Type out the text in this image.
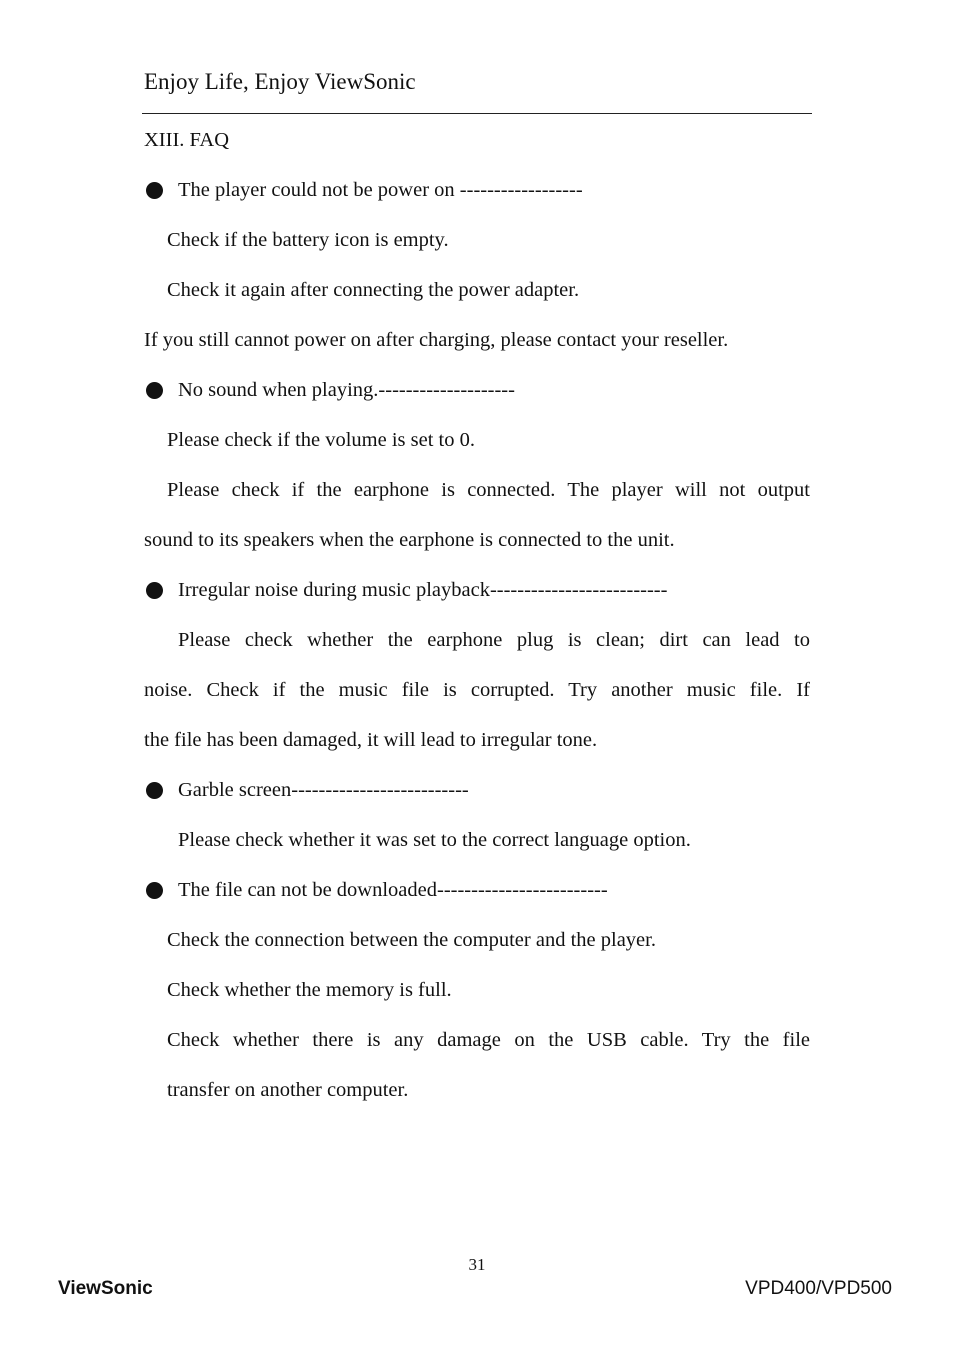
Enjoy Life, Enjoy ViewSonic
XIII. FAQ
The player could not be power on ------------------
Check if the battery icon is empty.
Check it again after connecting the power adapter.
If you still cannot power on after charging, please contact your reseller.
No sound when playing.--------------------
Please check if the volume is set to 0.
Please check if the earphone is connected. The player will not output
sound to its speakers when the earphone is connected to the unit.
Irregular noise during music playback--------------------------
Please check whether the earphone plug is clean; dirt can lead to
noise. Check if the music file is corrupted. Try another music file. If
the file has been damaged, it will lead to irregular tone.
Garble screen--------------------------
Please check whether it was set to the correct language option.
The file can not be downloaded-------------------------
Check the connection between the computer and the player.
Check whether the memory is full.
Check whether there is any damage on the USB cable. Try the file
transfer on another computer.
31
ViewSonic	VPD400/VPD500
